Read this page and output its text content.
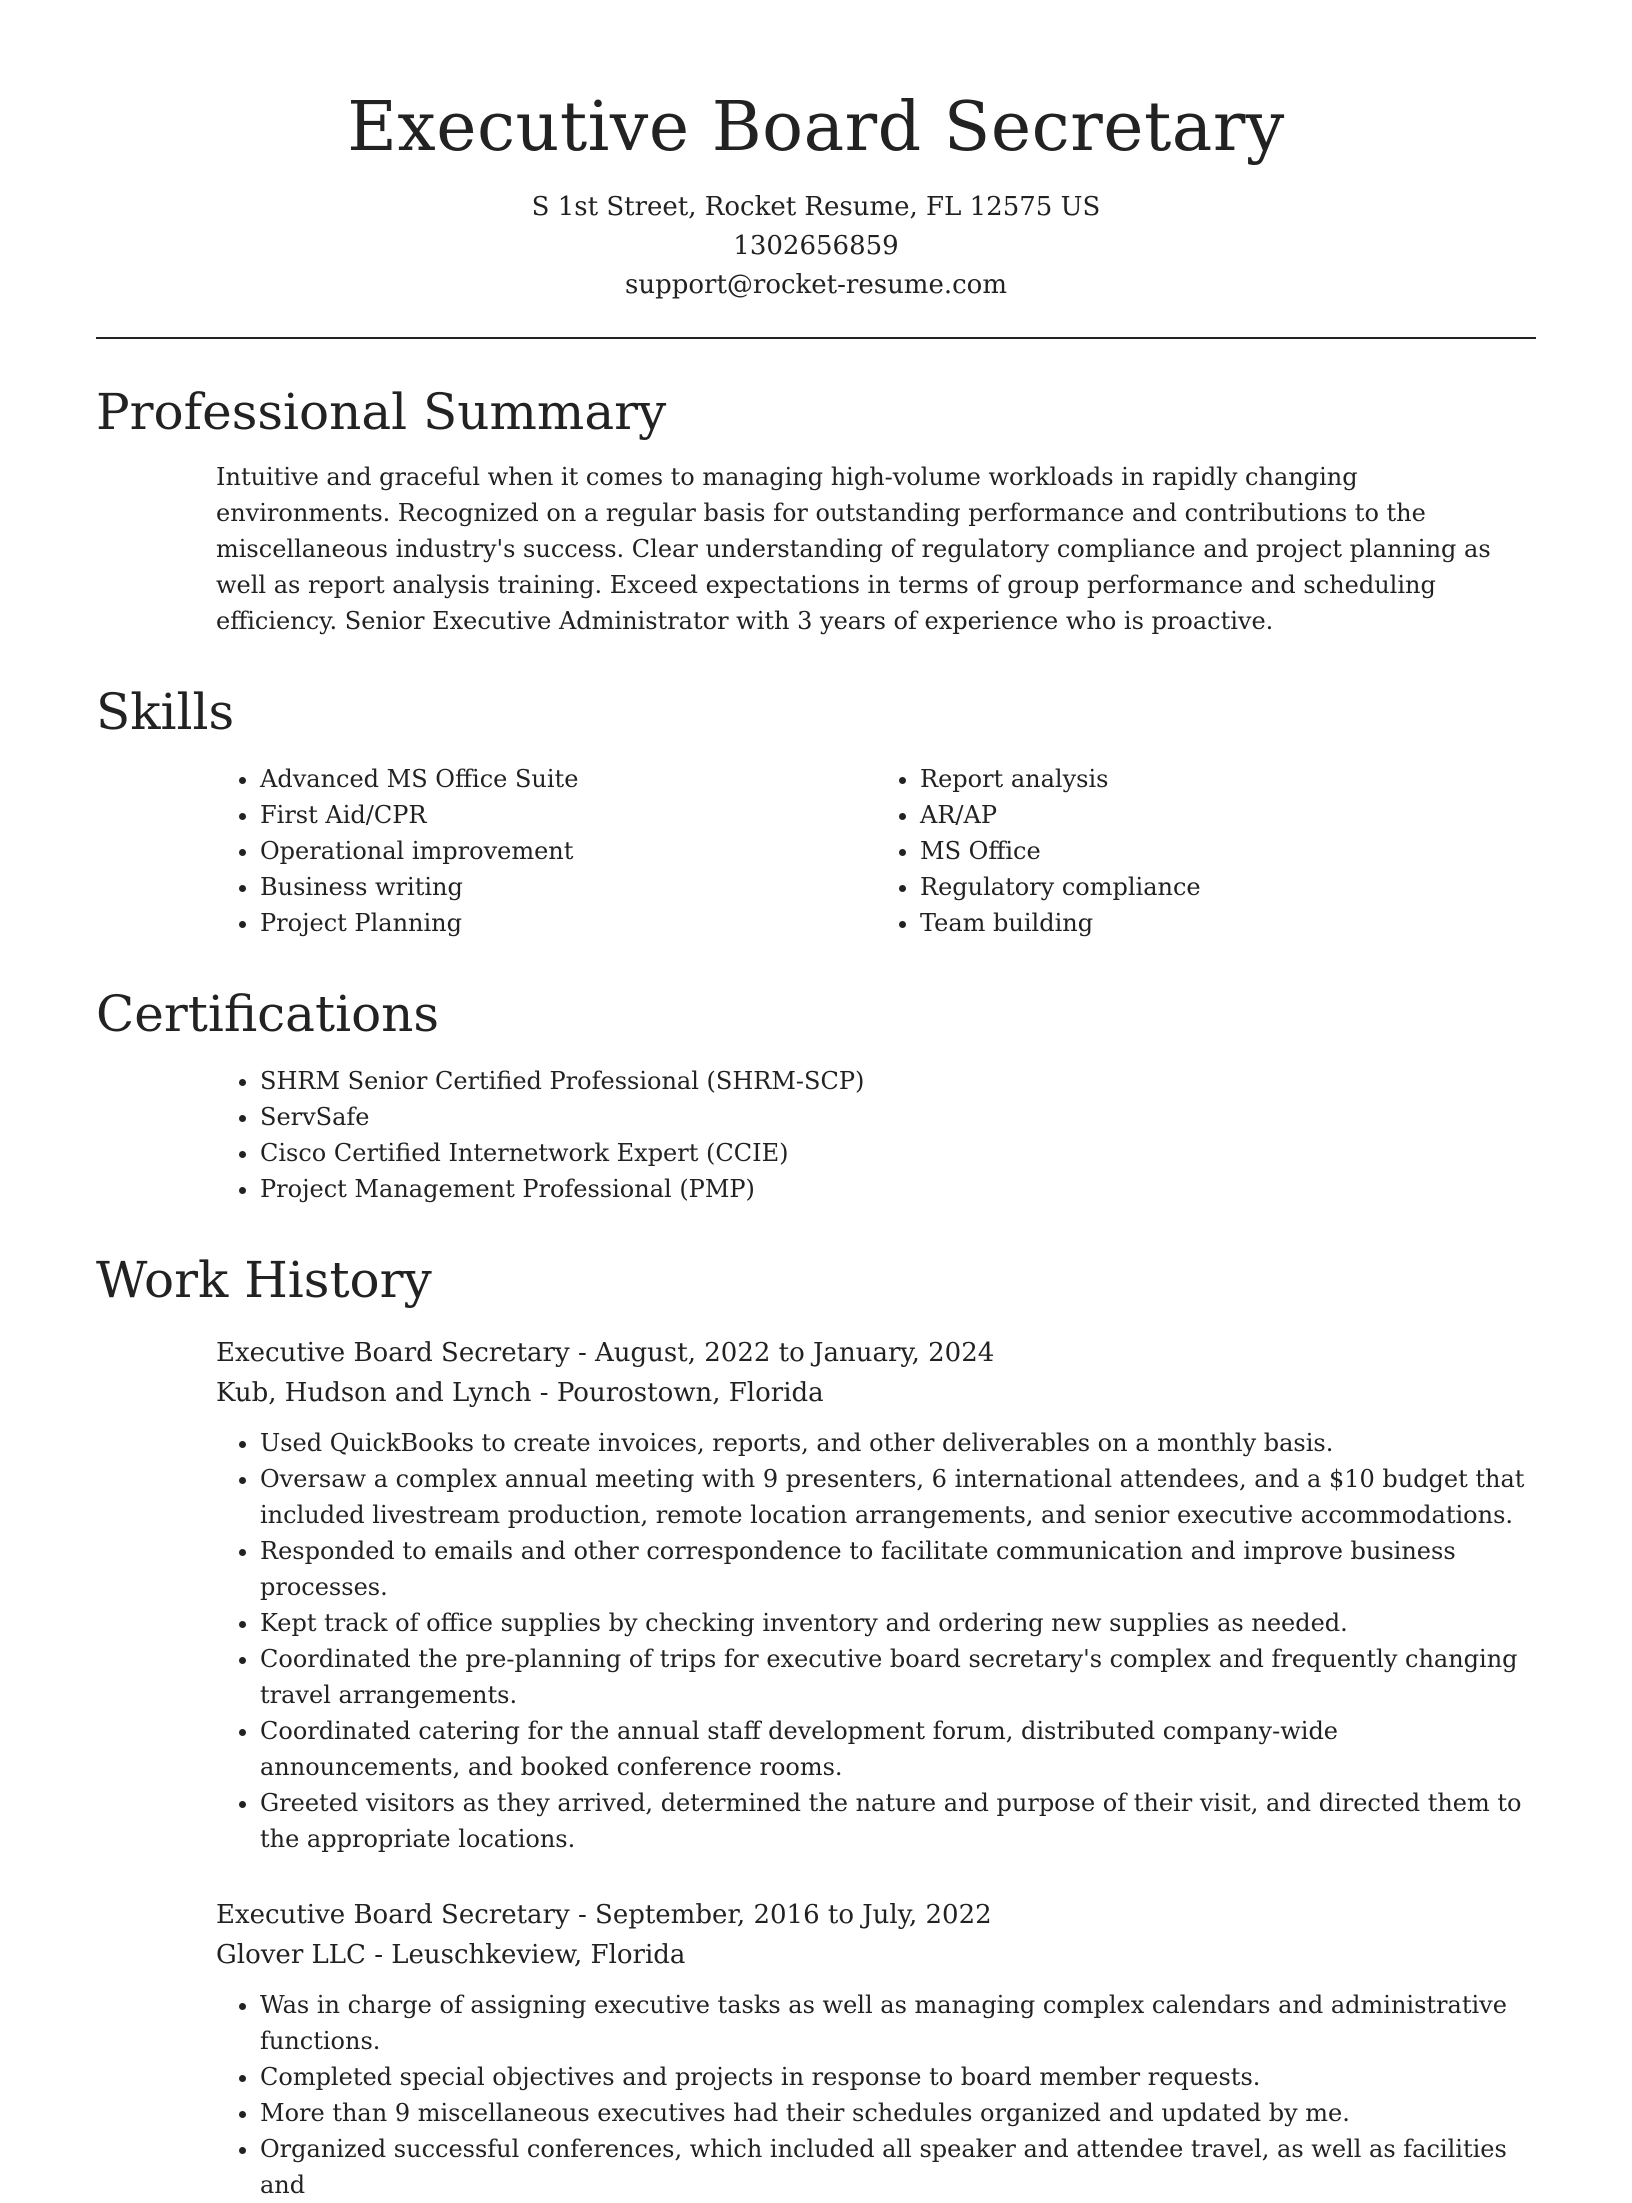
Executive Board Secretary
S 1st Street, Rocket Resume, FL 12575 US
1302656859
support@rocket-resume.com
Professional Summary
Intuitive and graceful when it comes to managing high-volume workloads in rapidly changing environments. Recognized on a regular basis for outstanding performance and contributions to the miscellaneous industry's success. Clear understanding of regulatory compliance and project planning as well as report analysis training. Exceed expectations in terms of group performance and scheduling efficiency. Senior Executive Administrator with 3 years of experience who is proactive.
Skills
• Advanced MS Office Suite
• First Aid/CPR
• Operational improvement
• Business writing
• Project Planning
• Report analysis
• AR/AP
• MS Office
• Regulatory compliance
• Team building
Certifications
• SHRM Senior Certified Professional (SHRM-SCP)
• ServSafe
• Cisco Certified Internetwork Expert (CCIE)
• Project Management Professional (PMP)
Work History
Executive Board Secretary - August, 2022 to January, 2024
Kub, Hudson and Lynch - Pourostown, Florida
• Used QuickBooks to create invoices, reports, and other deliverables on a monthly basis.
• Oversaw a complex annual meeting with 9 presenters, 6 international attendees, and a $10 budget that included livestream production, remote location arrangements, and senior executive accommodations.
• Responded to emails and other correspondence to facilitate communication and improve business processes.
• Kept track of office supplies by checking inventory and ordering new supplies as needed.
• Coordinated the pre-planning of trips for executive board secretary's complex and frequently changing travel arrangements.
• Coordinated catering for the annual staff development forum, distributed company-wide announcements, and booked conference rooms.
• Greeted visitors as they arrived, determined the nature and purpose of their visit, and directed them to the appropriate locations.
Executive Board Secretary - September, 2016 to July, 2022
Glover LLC - Leuschkeview, Florida
• Was in charge of assigning executive tasks as well as managing complex calendars and administrative functions.
• Completed special objectives and projects in response to board member requests.
• More than 9 miscellaneous executives had their schedules organized and updated by me.
• Organized successful conferences, which included all speaker and attendee travel, as well as facilities and
